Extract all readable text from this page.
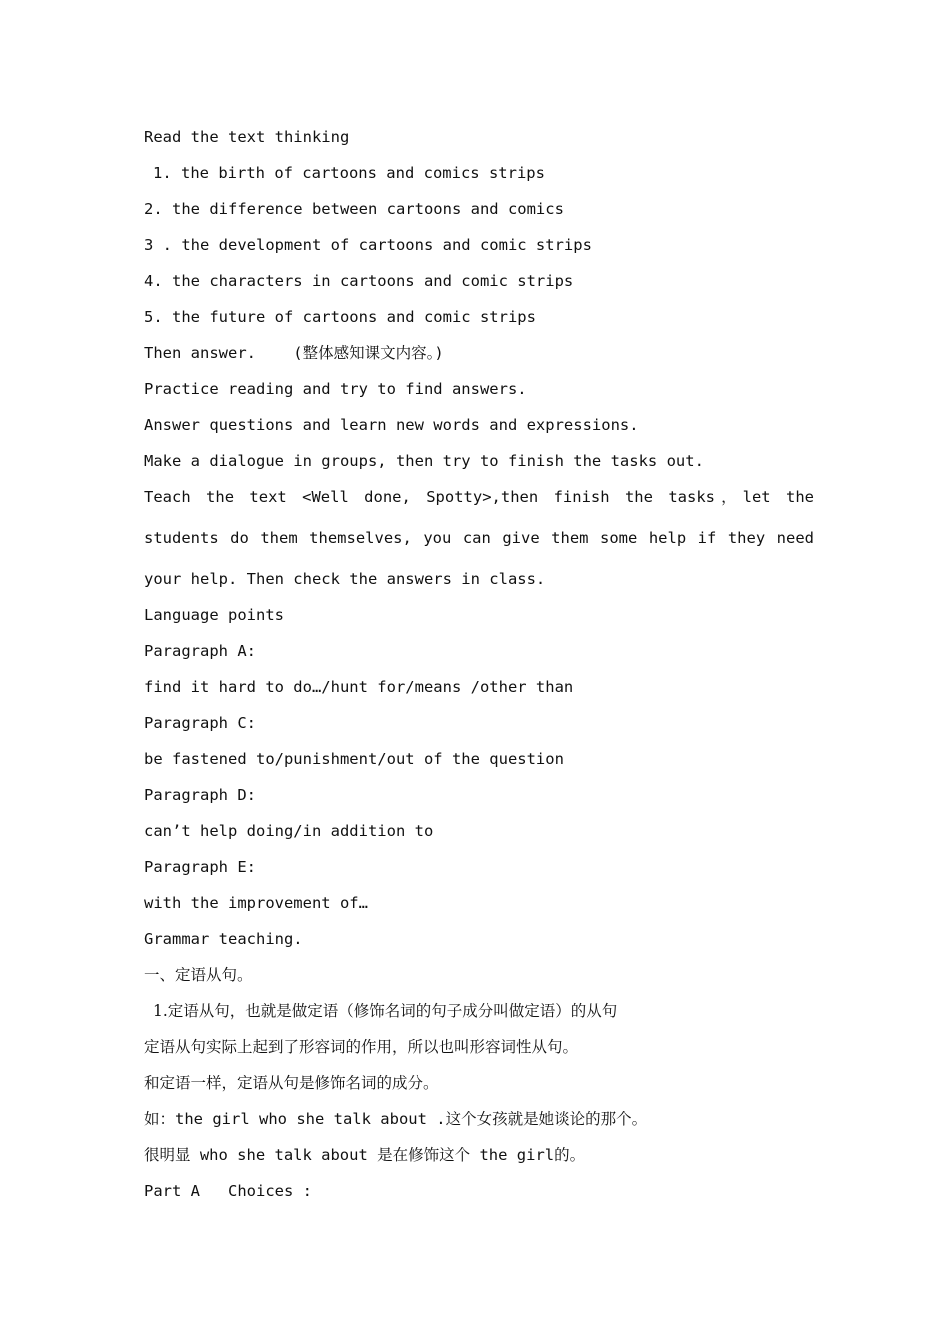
Read the text thinking
1. the birth of cartoons and comics strips
2. the difference between cartoons and comics
3 . the development of cartoons and comic strips
4. the characters in cartoons and comic strips
5. the future of cartoons and comic strips
Then answer.    (整体感知课文内容。)
Practice reading and try to find answers.
Answer questions and learn new words and expressions.
Make a dialogue in groups, then try to finish the tasks out.
Teach the text <Well done, Spotty>,then finish the tasks，let the students do them themselves, you can give them some help if they need your help. Then check the answers in class.
Language points
Paragraph A:
find it hard to do…/hunt for/means /other than
Paragraph C:
be fastened to/punishment/out of the question
Paragraph D:
can’t help doing/in addition to
Paragraph E:
with the improvement of…
Grammar teaching.
一、定语从句。
1.定语从句，也就是做定语（修饰名词的句子成分叫做定语）的从句
定语从句实际上起到了形容词的作用，所以也叫形容词性从句。
和定语一样，定语从句是修饰名词的成分。
如：the girl who she talk about .这个女孩就是她谈论的那个。
很明显 who she talk about 是在修饰这个 the girl的。
Part A   Choices :
